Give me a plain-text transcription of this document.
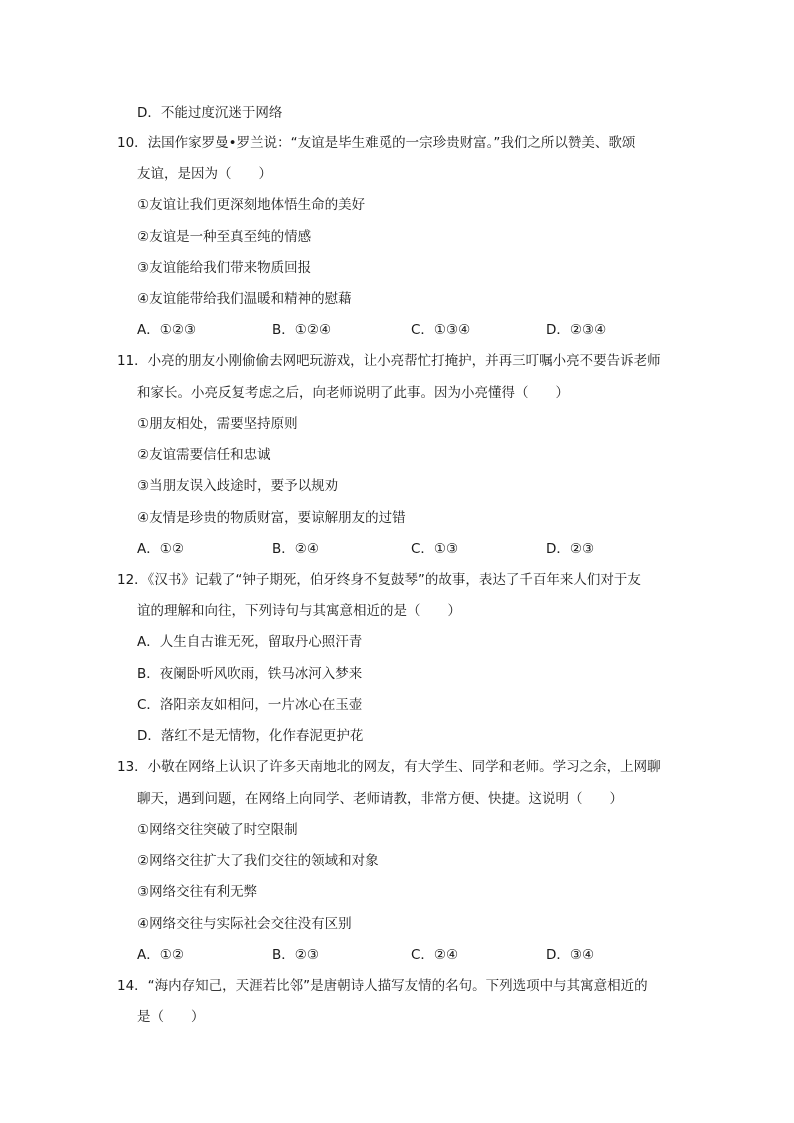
D．不能过度沉迷于网络
10．法国作家罗曼•罗兰说：“友谊是毕生难觅的一宗珍贵财富。”我们之所以赞美、歌颂
友谊，是因为（　　）
①友谊让我们更深刻地体悟生命的美好
②友谊是一种至真至纯的情感
③友谊能给我们带来物质回报
④友谊能带给我们温暖和精神的慰藉
A．①②③	B．①②④	C．①③④	D．②③④
11．小亮的朋友小刚偷偷去网吧玩游戏，让小亮帮忙打掩护，并再三叮嘱小亮不要告诉老师
和家长。小亮反复考虑之后，向老师说明了此事。因为小亮懂得（　　）
①朋友相处，需要坚持原则
②友谊需要信任和忠诚
③当朋友误入歧途时，要予以规劝
④友情是珍贵的物质财富，要谅解朋友的过错
A．①②	B．②④	C．①③	D．②③
12．《汉书》记载了“钟子期死，伯牙终身不复鼓琴”的故事，表达了千百年来人们对于友
谊的理解和向往，下列诗句与其寓意相近的是（　　）
A．人生自古谁无死，留取丹心照汗青
B．夜阑卧听风吹雨，铁马冰河入梦来
C．洛阳亲友如相问，一片冰心在玉壶
D．落红不是无情物，化作春泥更护花
13．小敬在网络上认识了许多天南地北的网友，有大学生、同学和老师。学习之余，上网聊
聊天，遇到问题，在网络上向同学、老师请教，非常方便、快捷。这说明（　　）
①网络交往突破了时空限制
②网络交往扩大了我们交往的领域和对象
③网络交往有利无弊
④网络交往与实际社会交往没有区别
A．①②	B．②③	C．②④	D．③④
14．“海内存知己，天涯若比邻”是唐朝诗人描写友情的名句。下列选项中与其寓意相近的
是（　　）
